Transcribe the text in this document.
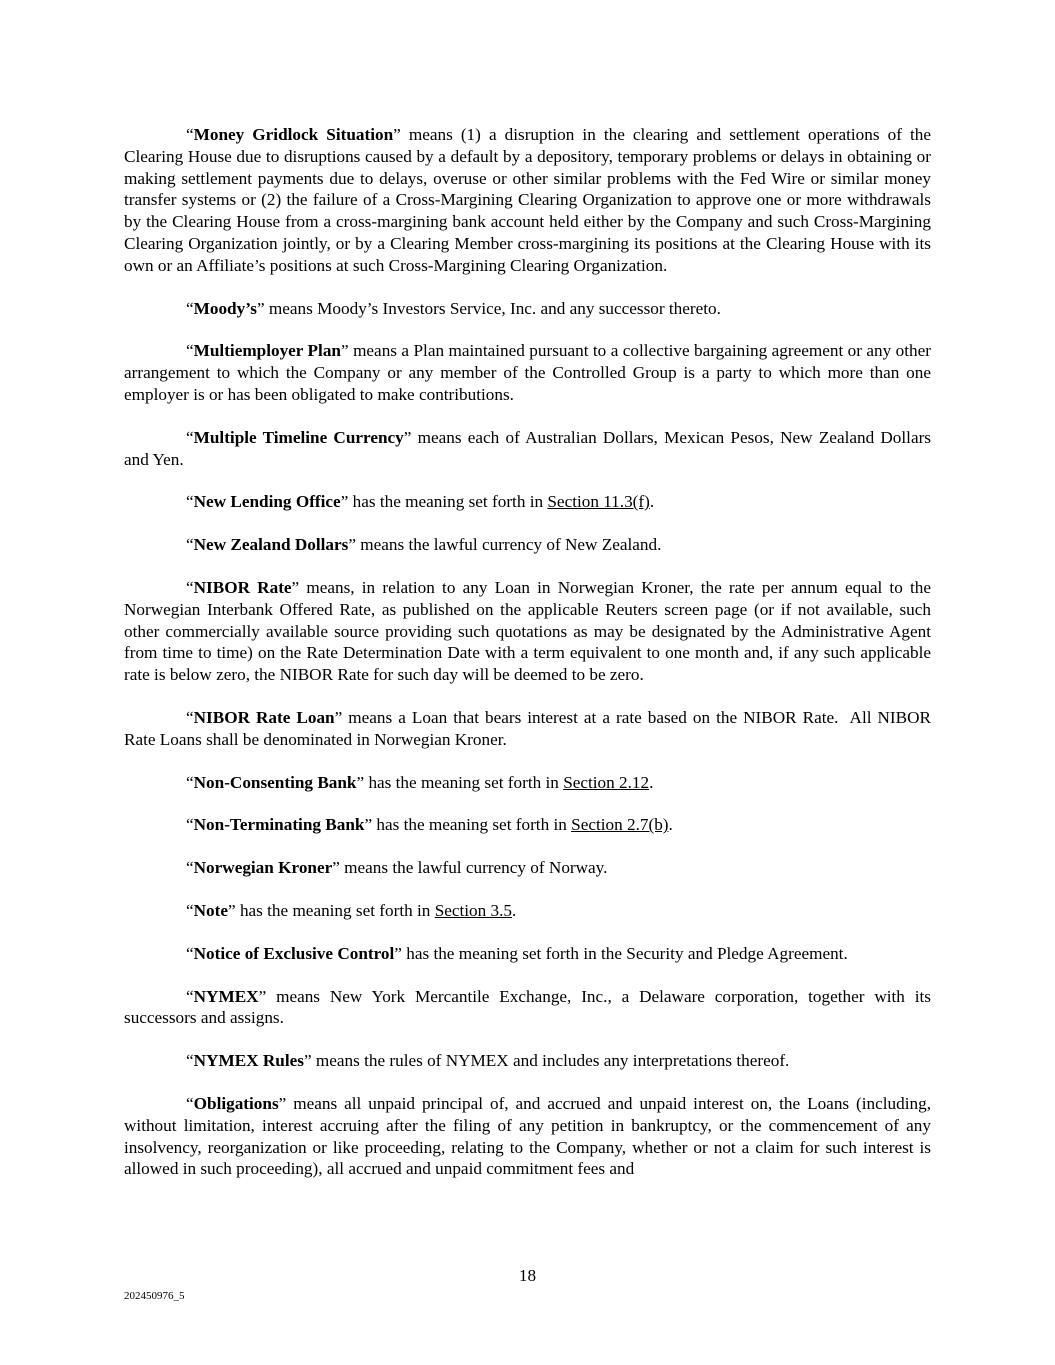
“Money Gridlock Situation” means (1) a disruption in the clearing and settlement operations of the Clearing House due to disruptions caused by a default by a depository, temporary problems or delays in obtaining or making settlement payments due to delays, overuse or other similar problems with the Fed Wire or similar money transfer systems or (2) the failure of a Cross-Margining Clearing Organization to approve one or more withdrawals by the Clearing House from a cross-margining bank account held either by the Company and such Cross-Margining Clearing Organization jointly, or by a Clearing Member cross-margining its positions at the Clearing House with its own or an Affiliate’s positions at such Cross-Margining Clearing Organization.

“Moody’s” means Moody’s Investors Service, Inc. and any successor thereto.

“Multiemployer Plan” means a Plan maintained pursuant to a collective bargaining agreement or any other arrangement to which the Company or any member of the Controlled Group is a party to which more than one employer is or has been obligated to make contributions.

“Multiple Timeline Currency” means each of Australian Dollars, Mexican Pesos, New Zealand Dollars and Yen.

“New Lending Office” has the meaning set forth in Section 11.3(f).

“New Zealand Dollars” means the lawful currency of New Zealand.

“NIBOR Rate” means, in relation to any Loan in Norwegian Kroner, the rate per annum equal to the Norwegian Interbank Offered Rate, as published on the applicable Reuters screen page (or if not available, such other commercially available source providing such quotations as may be designated by the Administrative Agent from time to time) on the Rate Determination Date with a term equivalent to one month and, if any such applicable rate is below zero, the NIBOR Rate for such day will be deemed to be zero.

“NIBOR Rate Loan” means a Loan that bears interest at a rate based on the NIBOR Rate.  All NIBOR Rate Loans shall be denominated in Norwegian Kroner.

“Non-Consenting Bank” has the meaning set forth in Section 2.12.

“Non-Terminating Bank” has the meaning set forth in Section 2.7(b).

“Norwegian Kroner” means the lawful currency of Norway.

“Note” has the meaning set forth in Section 3.5.

“Notice of Exclusive Control” has the meaning set forth in the Security and Pledge Agreement.

“NYMEX” means New York Mercantile Exchange, Inc., a Delaware corporation, together with its successors and assigns.

“NYMEX Rules” means the rules of NYMEX and includes any interpretations thereof.

“Obligations” means all unpaid principal of, and accrued and unpaid interest on, the Loans (including, without limitation, interest accruing after the filing of any petition in bankruptcy, or the commencement of any insolvency, reorganization or like proceeding, relating to the Company, whether or not a claim for such interest is allowed in such proceeding), all accrued and unpaid commitment fees and

18
202450976_5
